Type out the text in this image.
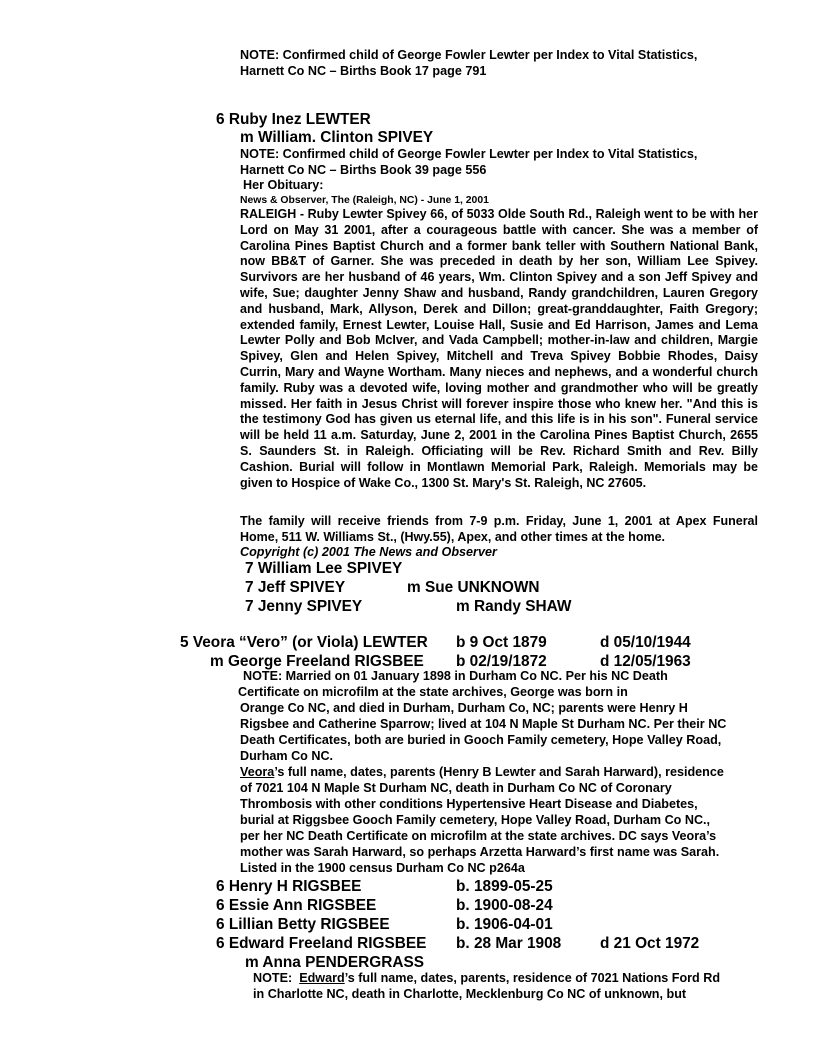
NOTE: Confirmed child of George Fowler Lewter per Index to Vital Statistics,
Harnett Co NC – Births Book 17 page 791
6 Ruby Inez LEWTER
m William. Clinton SPIVEY
NOTE: Confirmed child of George Fowler Lewter per Index to Vital Statistics,
Harnett Co NC – Births Book 39 page 556
Her Obituary:
News & Observer, The (Raleigh, NC) - June 1, 2001
RALEIGH - Ruby Lewter Spivey 66, of 5033 Olde South Rd., Raleigh went to be with her Lord on May 31 2001, after a courageous battle with cancer. She was a member of Carolina Pines Baptist Church and a former bank teller with Southern National Bank, now BB&T of Garner. She was preceded in death by her son, William Lee Spivey. Survivors are her husband of 46 years, Wm. Clinton Spivey and a son Jeff Spivey and wife, Sue; daughter Jenny Shaw and husband, Randy grandchildren, Lauren Gregory and husband, Mark, Allyson, Derek and Dillon; great-granddaughter, Faith Gregory; extended family, Ernest Lewter, Louise Hall, Susie and Ed Harrison, James and Lema Lewter Polly and Bob McIver, and Vada Campbell; mother-in-law and children, Margie Spivey, Glen and Helen Spivey, Mitchell and Treva Spivey Bobbie Rhodes, Daisy Currin, Mary and Wayne Wortham. Many nieces and nephews, and a wonderful church family. Ruby was a devoted wife, loving mother and grandmother who will be greatly missed. Her faith in Jesus Christ will forever inspire those who knew her. "And this is the testimony God has given us eternal life, and this life is in his son". Funeral service will be held 11 a.m. Saturday, June 2, 2001 in the Carolina Pines Baptist Church, 2655 S. Saunders St. in Raleigh. Officiating will be Rev. Richard Smith and Rev. Billy Cashion. Burial will follow in Montlawn Memorial Park, Raleigh. Memorials may be given to Hospice of Wake Co., 1300 St. Mary's St. Raleigh, NC 27605.
The family will receive friends from 7-9 p.m. Friday, June 1, 2001 at Apex Funeral Home, 511 W. Williams St., (Hwy.55), Apex, and other times at the home.
Copyright (c) 2001 The News and Observer
7 William Lee SPIVEY
7 Jeff SPIVEY	m Sue UNKNOWN
7 Jenny SPIVEY	m Randy SHAW
5 Veora “Vero” (or Viola) LEWTER b 9 Oct 1879	d 05/10/1944
m George Freeland RIGSBEE b 02/19/1872	d 12/05/1963
NOTE: Married on 01 January 1898 in Durham Co NC. Per his NC Death
Certificate on microfilm at the state archives, George was born in
Orange Co NC, and died in Durham, Durham Co, NC; parents were Henry H
Rigsbee and Catherine Sparrow; lived at 104 N Maple St Durham NC. Per their NC
Death Certificates, both are buried in Gooch Family cemetery, Hope Valley Road,
Durham Co NC.
Veora’s full name, dates, parents (Henry B Lewter and Sarah Harward), residence
of 7021 104 N Maple St Durham NC, death in Durham Co NC of Coronary
Thrombosis with other conditions Hypertensive Heart Disease and Diabetes,
burial at Riggsbee Gooch Family cemetery, Hope Valley Road, Durham Co NC.,
per her NC Death Certificate on microfilm at the state archives. DC says Veora’s
mother was Sarah Harward, so perhaps Arzetta Harward’s first name was Sarah.
Listed in the 1900 census Durham Co NC p264a
6 Henry H RIGSBEE	b. 1899-05-25
6 Essie Ann RIGSBEE	b. 1900-08-24
6 Lillian Betty RIGSBEE	b. 1906-04-01
6 Edward Freeland RIGSBEE b. 28 Mar 1908	d 21 Oct 1972
m Anna PENDERGRASS
NOTE:  Edward’s full name, dates, parents, residence of 7021 Nations Ford Rd
in Charlotte NC, death in Charlotte, Mecklenburg Co NC of unknown, but
